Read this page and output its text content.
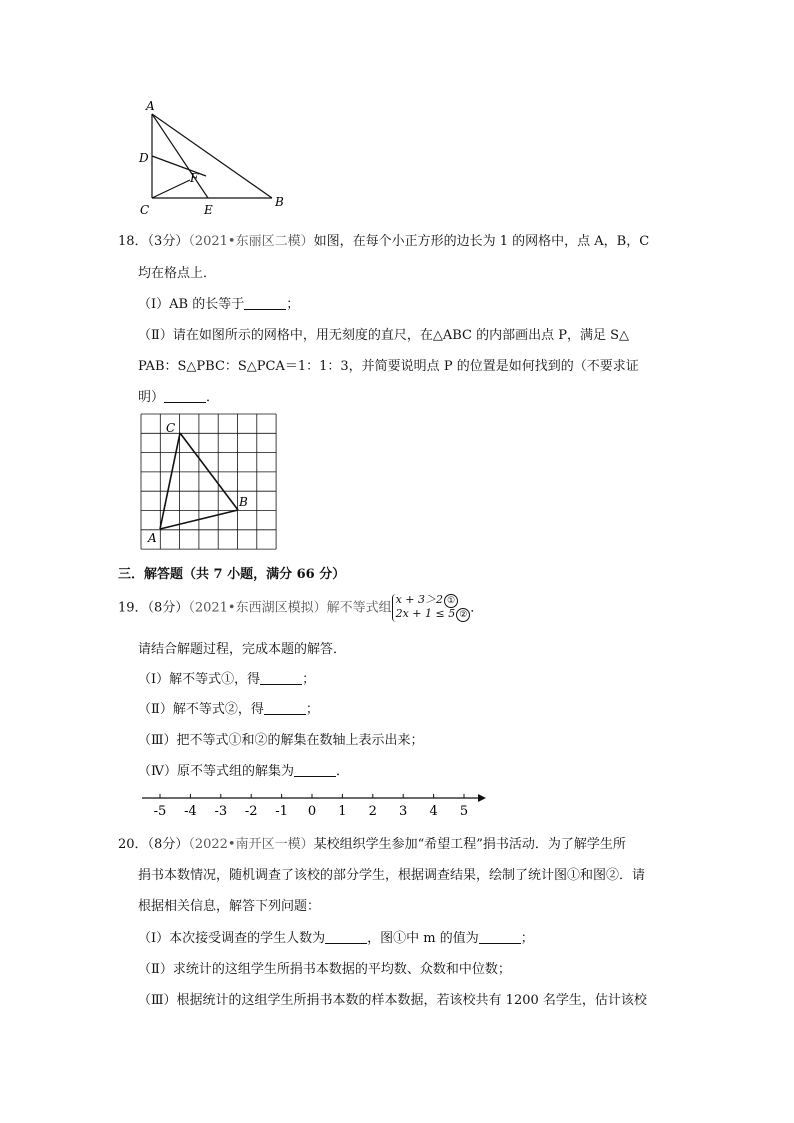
A
B
C
D
E
F
18．（3分）（2021•东丽区二模）如图，在每个小正方形的边长为 1 的网格中，点 A，B，C
均在格点上．
（Ⅰ）AB 的长等于	；
（Ⅱ）请在如图所示的网格中，用无刻度的直尺，在△ABC 的内部画出点 P，满足 S△
PAB：S△PBC：S△PCA＝1：1：3，并简要说明点 P 的位置是如何找到的（不要求证
明）	．
C
B
A
三．解答题（共 7 小题，满分 66 分）
19．（8分）（2021•东西湖区模拟）解不等式组x + 3＞2 ①
2x + 1 ≤ 5 ② ．
请结合解题过程，完成本题的解答．
（Ⅰ）解不等式①，得	；
（Ⅱ）解不等式②，得	；
（Ⅲ）把不等式①和②的解集在数轴上表示出来；
（Ⅳ）原不等式组的解集为	．
-5 -4 -3 -2 -1 0 1 2 3 4 5
20．（8分）（2022•南开区一模）某校组织学生参加“希望工程”捐书活动．为了解学生所
捐书本数情况，随机调查了该校的部分学生，根据调查结果，绘制了统计图①和图②．请
根据相关信息，解答下列问题：
（Ⅰ）本次接受调查的学生人数为	，图①中 m 的值为	；
（Ⅱ）求统计的这组学生所捐书本数据的平均数、众数和中位数；
（Ⅲ）根据统计的这组学生所捐书本数的样本数据，若该校共有 1200 名学生，估计该校
